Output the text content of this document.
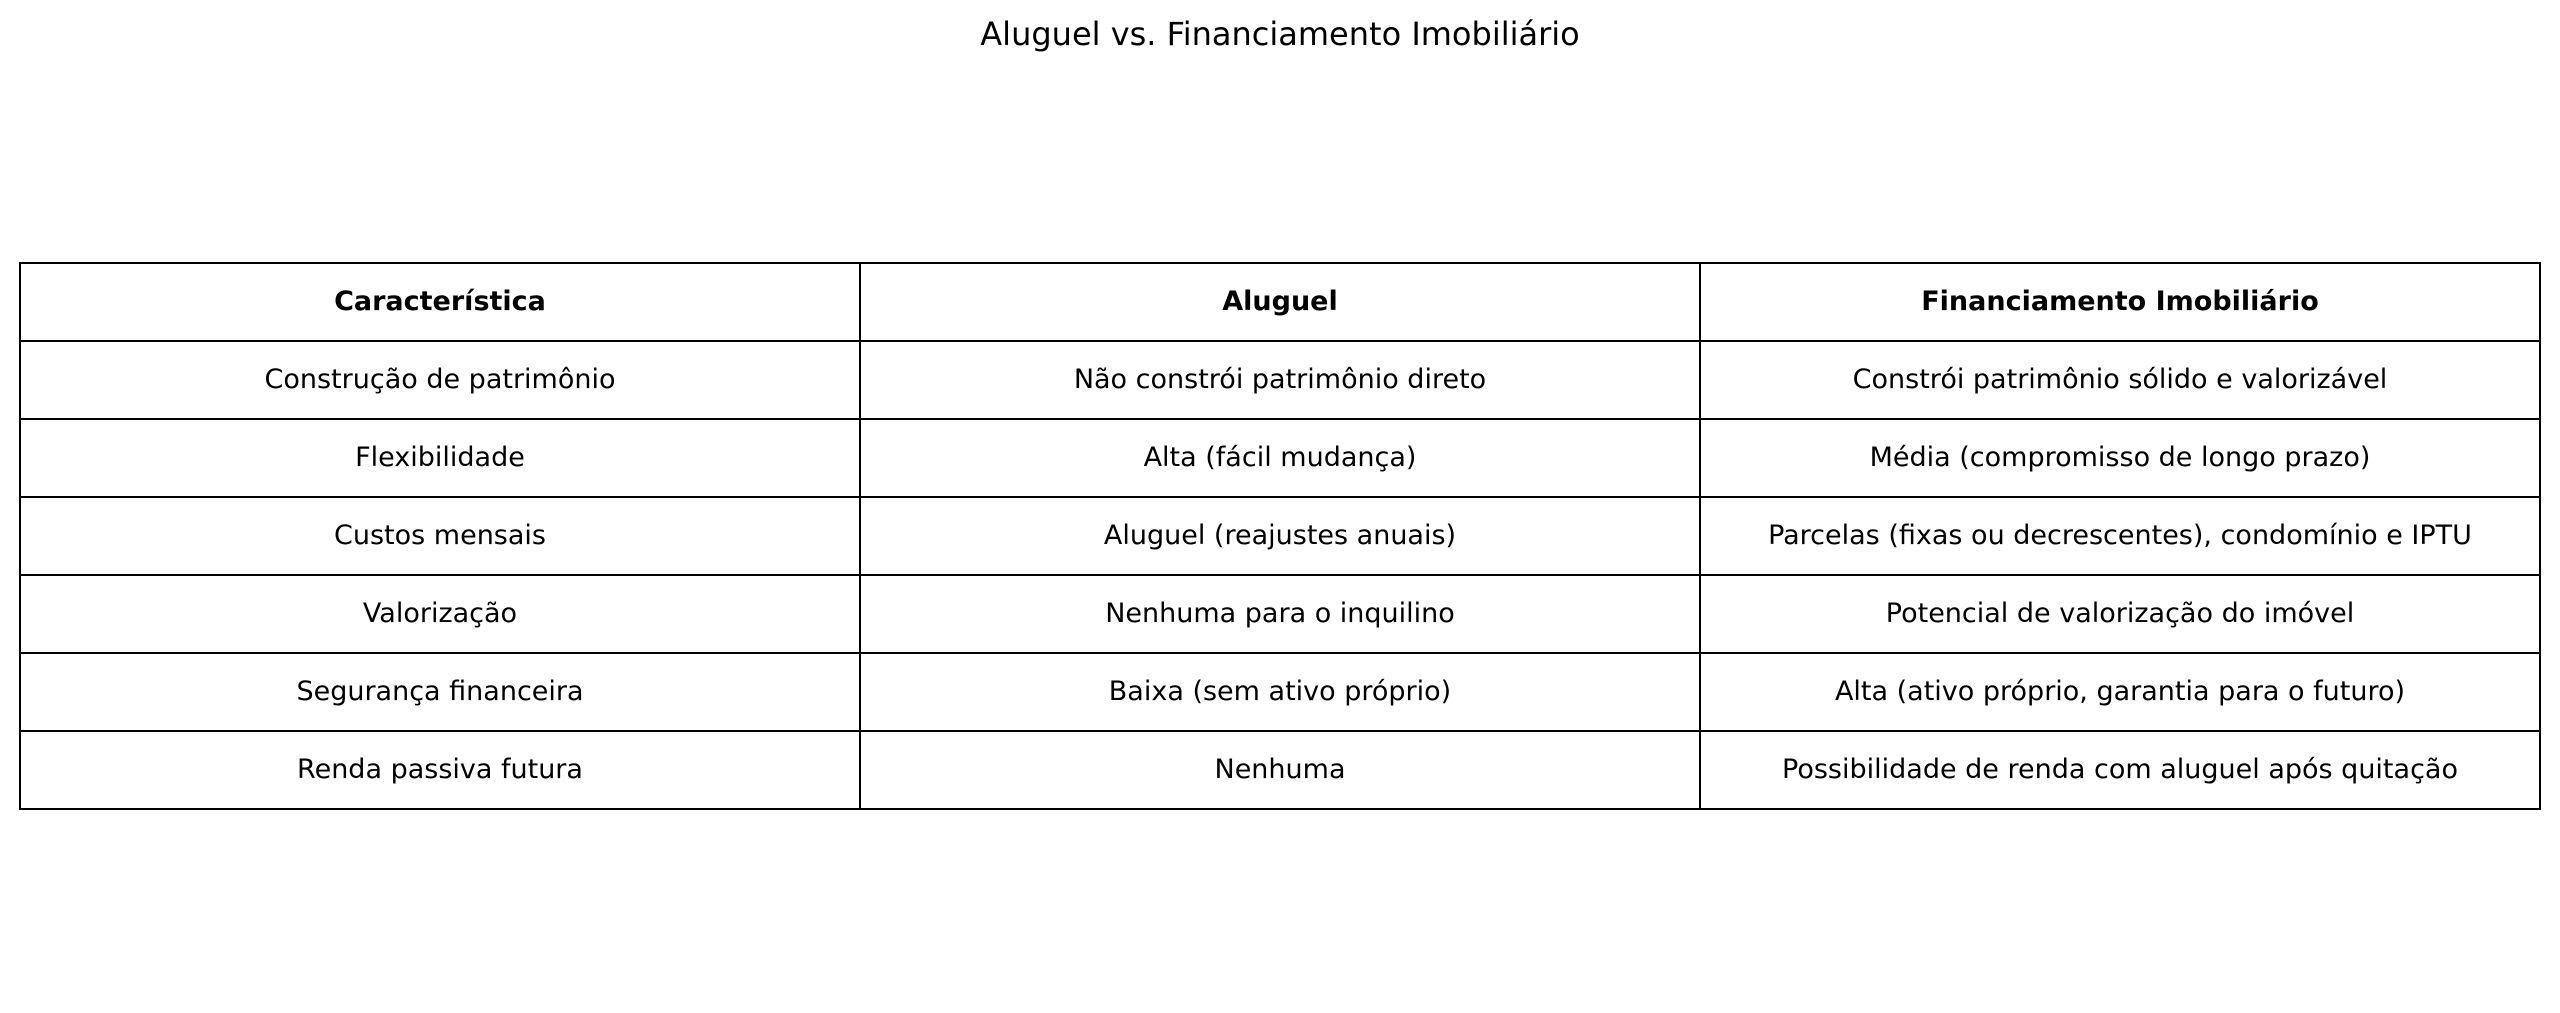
Aluguel vs. Financiamento Imobiliário
Característica	Aluguel	Financiamento Imobiliário
Construção de patrimônio	Não constrói patrimônio direto	Constrói patrimônio sólido e valorizável
Flexibilidade	Alta (fácil mudança)	Média (compromisso de longo prazo)
Custos mensais	Aluguel (reajustes anuais)	Parcelas (fixas ou decrescentes), condomínio e IPTU
Valorização	Nenhuma para o inquilino	Potencial de valorização do imóvel
Segurança financeira	Baixa (sem ativo próprio)	Alta (ativo próprio, garantia para o futuro)
Renda passiva futura	Nenhuma	Possibilidade de renda com aluguel após quitação
